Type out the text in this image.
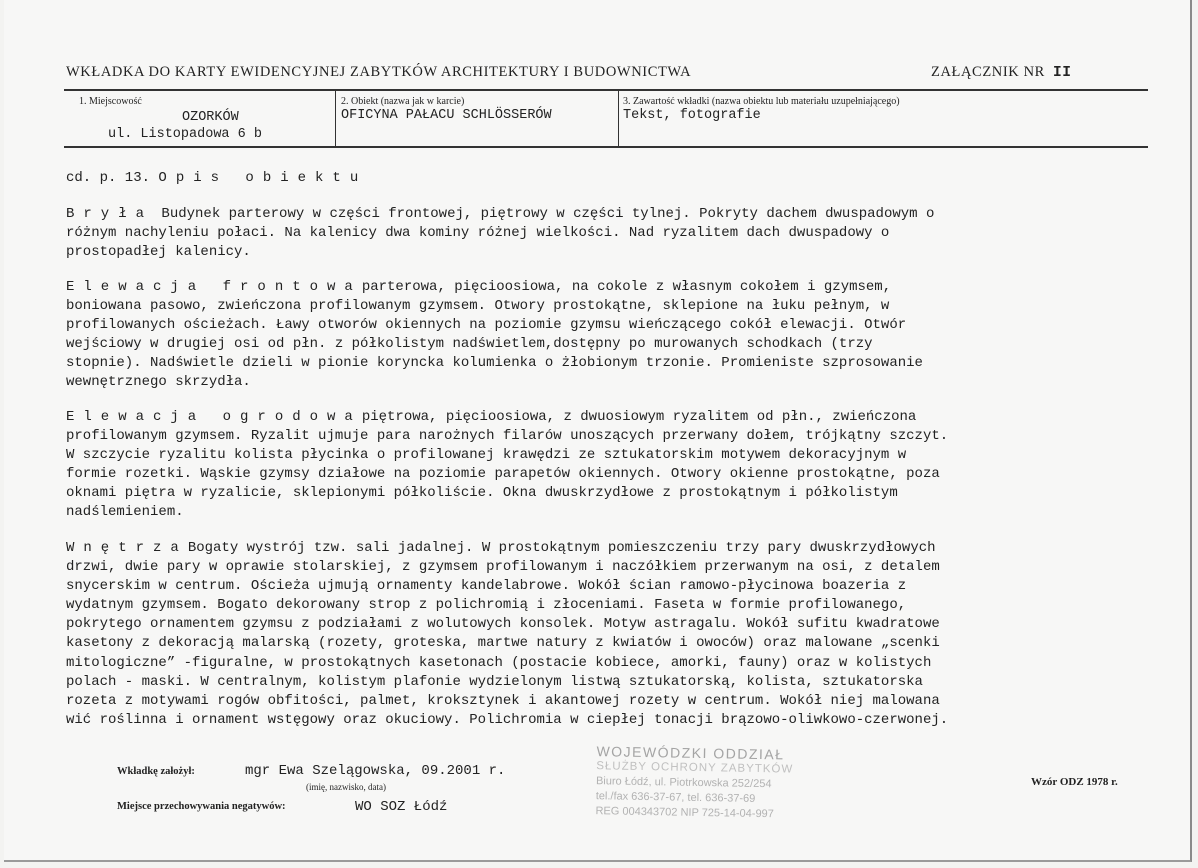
WKŁADKA DO KARTY EWIDENCYJNEJ ZABYTKÓW ARCHITEKTURY I BUDOWNICTWA	ZAŁĄCZNIK NR II
1. Miejscowość
OZORKÓW
ul. Listopadowa 6 b
2. Obiekt (nazwa jak w karcie)
OFICYNA PAŁACU SCHLÖSSERÓW
3. Zawartość wkładki (nazwa obiektu lub materiału uzupełniającego)
Tekst, fotografie
cd. p. 13. Opis obiektu
Bryła Budynek parterowy w części frontowej, piętrowy w części tylnej. Pokryty dachem dwuspadowym o
różnym nachyleniu połaci. Na kalenicy dwa kominy różnej wielkości. Nad ryzalitem dach dwuspadowy o
prostopadłej kalenicy.
Elewacja frontowaparterowa, pięcioosiowa, na cokole z własnym cokołem i gzymsem,
boniowana pasowo, zwieńczona profilowanym gzymsem. Otwory prostokątne, sklepione na łuku pełnym, w
profilowanych ościeżach. Ławy otworów okiennych na poziomie gzymsu wieńczącego cokół elewacji. Otwór
wejściowy w drugiej osi od płn. z półkolistym nadświetlem,dostępny po murowanych schodkach (trzy
stopnie). Nadświetle dzieli w pionie koryncka kolumienka o żłobionym trzonie. Promieniste szprosowanie
wewnętrznego skrzydła.
Elewacja ogrodowapiętrowa, pięcioosiowa, z dwuosiowym ryzalitem od płn., zwieńczona
profilowanym gzymsem. Ryzalit ujmuje para narożnych filarów unoszących przerwany dołem, trójkątny szczyt.
W szczycie ryzalitu kolista płycinka o profilowanej krawędzi ze sztukatorskim motywem dekoracyjnym w
formie rozetki. Wąskie gzymsy działowe na poziomie parapetów okiennych. Otwory okienne prostokątne, poza
oknami piętra w ryzalicie, sklepionymi półkoliście. Okna dwuskrzydłowe z prostokątnym i półkolistym
nadślemieniem.
WnętrzaBogaty wystrój tzw. sali jadalnej. W prostokątnym pomieszczeniu trzy pary dwuskrzydłowych
drzwi, dwie pary w oprawie stolarskiej, z gzymsem profilowanym i naczółkiem przerwanym na osi, z detalem
snycerskim w centrum. Ościeża ujmują ornamenty kandelabrowe. Wokół ścian ramowo-płycinowa boazeria z
wydatnym gzymsem. Bogato dekorowany strop z polichromią i złoceniami. Faseta w formie profilowanego,
pokrytego ornamentem gzymsu z podziałami z wolutowych konsolek. Motyw astragalu. Wokół sufitu kwadratowe
kasetony z dekoracją malarską (rozety, groteska, martwe natury z kwiatów i owoców) oraz malowane „scenki
mitologiczne” -figuralne, w prostokątnych kasetonach (postacie kobiece, amorki, fauny) oraz w kolistych
polach - maski. W centralnym, kolistym plafonie wydzielonym listwą sztukatorską, kolista, sztukatorska
rozeta z motywami rogów obfitości, palmet, kroksztynek i akantowej rozety w centrum. Wokół niej malowana
wić roślinna i ornament wstęgowy oraz okuciowy. Polichromia w ciepłej tonacji brązowo-oliwkowo-czerwonej.
Wkładkę założył:	mgr Ewa Szelągowska, 09.2001 r.
(imię, nazwisko, data)
Miejsce przechowywania negatywów:	WO SOZ Łódź
WOJEWÓDZKI ODDZIAŁ
SŁUŻBY OCHRONY ZABYTKÓW
Biuro Łódź, ul. Piotrkowska 252/254
tel./fax 636-37-67, tel. 636-37-69
REG 004343702 NIP 725-14-04-997
Wzór ODZ 1978 r.
